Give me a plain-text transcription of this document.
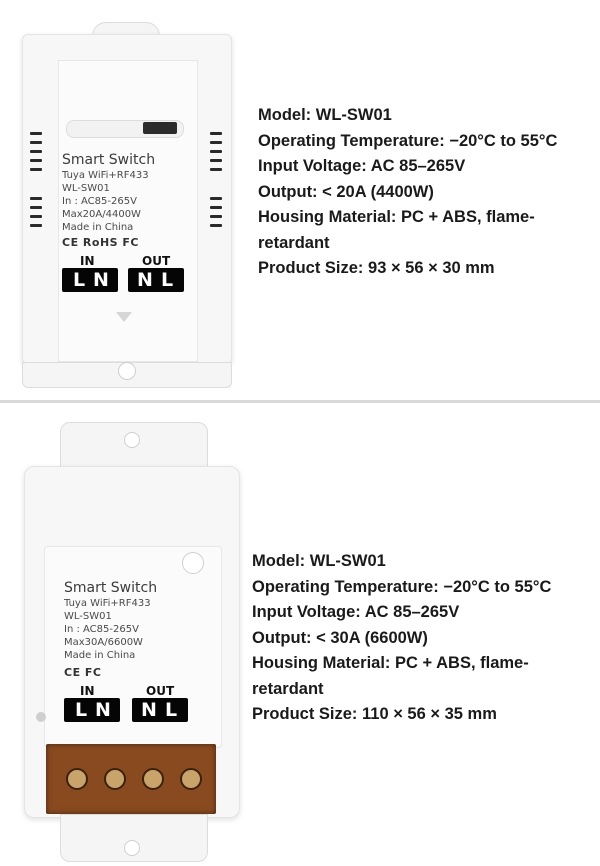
Smart Switch
Tuya WiFi+RF433
WL-SW01
In : AC85-265V
Max20A/4400W
Made in China
CE RoHS FC
IN	OUT
L N	N L
Model: WL-SW01
Operating Temperature: −20°C to 55°C
Input Voltage: AC 85–265V
Output: < 20A (4400W)
Housing Material: PC + ABS, flame-
retardant
Product Size: 93 × 56 × 30 mm
Smart Switch
Tuya WiFi+RF433
WL-SW01
In : AC85-265V
Max30A/6600W
Made in China
CE FC
IN	OUT
L N	N L
Model: WL-SW01
Operating Temperature: −20°C to 55°C
Input Voltage: AC 85–265V
Output: < 30A (6600W)
Housing Material: PC + ABS, flame-
retardant
Product Size: 110 × 56 × 35 mm
